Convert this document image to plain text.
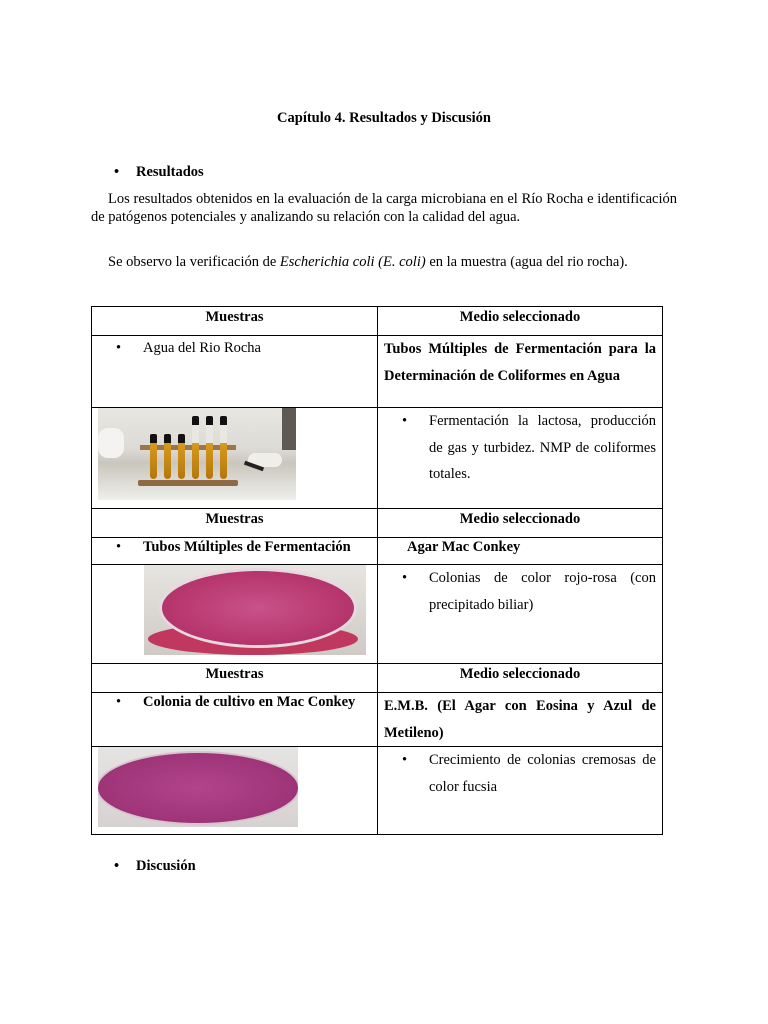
Capítulo 4. Resultados y Discusión
• Resultados
Los resultados obtenidos en la evaluación de la carga microbiana en el Río Rocha e identificación de patógenos potenciales y analizando su relación con la calidad del agua.
Se observo la verificación de Escherichia coli (E. coli) en la muestra (agua del rio rocha).
Muestras	Medio seleccionado
• Agua del Rio Rocha	Tubos Múltiples de Fermentación para la Determinación de Coliformes en Agua

	• Fermentación la lactosa, producción de gas y turbidez. NMP de coliformes totales.

Muestras	Medio seleccionado
• Tubos Múltiples de Fermentación	Agar Mac Conkey

	• Colonias de color rojo-rosa (con precipitado biliar)

Muestras	Medio seleccionado
• Colonia de cultivo en Mac Conkey	E.M.B. (El Agar con Eosina y Azul de Metileno)

	• Crecimiento de colonias cremosas de color fucsia
• Discusión
